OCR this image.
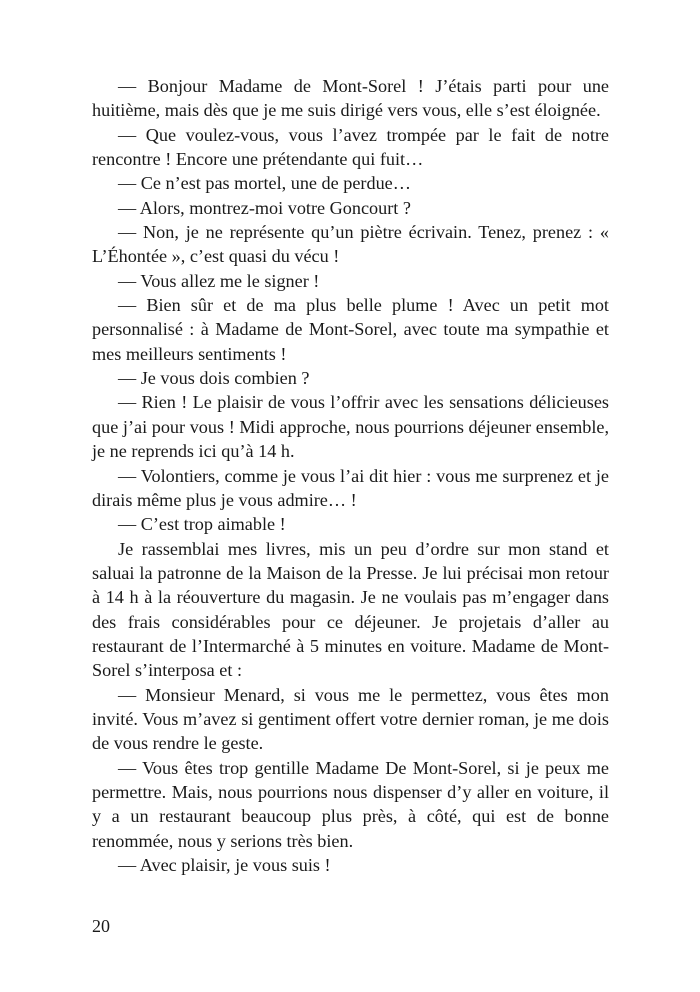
— Bonjour Madame de Mont-Sorel ! J’étais parti pour une huitième, mais dès que je me suis dirigé vers vous, elle s’est éloignée.

— Que voulez-vous, vous l’avez trompée par le fait de notre rencontre ! Encore une prétendante qui fuit…

— Ce n’est pas mortel, une de perdue…

— Alors, montrez-moi votre Goncourt ?

— Non, je ne représente qu’un piètre écrivain. Tenez, prenez : « L’Éhontée », c’est quasi du vécu !

— Vous allez me le signer !

— Bien sûr et de ma plus belle plume ! Avec un petit mot personnalisé : à Madame de Mont-Sorel, avec toute ma sympathie et mes meilleurs sentiments !

— Je vous dois combien ?

— Rien ! Le plaisir de vous l’offrir avec les sensations délicieuses que j’ai pour vous ! Midi approche, nous pourrions déjeuner ensemble, je ne reprends ici qu’à 14 h.

— Volontiers, comme je vous l’ai dit hier : vous me surprenez et je dirais même plus je vous admire… !

— C’est trop aimable !

Je rassemblai mes livres, mis un peu d’ordre sur mon stand et saluai la patronne de la Maison de la Presse. Je lui précisai mon retour à 14 h à la réouverture du magasin. Je ne voulais pas m’engager dans des frais considérables pour ce déjeuner. Je projetais d’aller au restaurant de l’Intermarché à 5 minutes en voiture. Madame de Mont-Sorel s’interposa et :

— Monsieur Menard, si vous me le permettez, vous êtes mon invité. Vous m’avez si gentiment offert votre dernier roman, je me dois de vous rendre le geste.

— Vous êtes trop gentille Madame De Mont-Sorel, si je peux me permettre. Mais, nous pourrions nous dispenser d’y aller en voiture, il y a un restaurant beaucoup plus près, à côté, qui est de bonne renommée, nous y serions très bien.

— Avec plaisir, je vous suis !

20
